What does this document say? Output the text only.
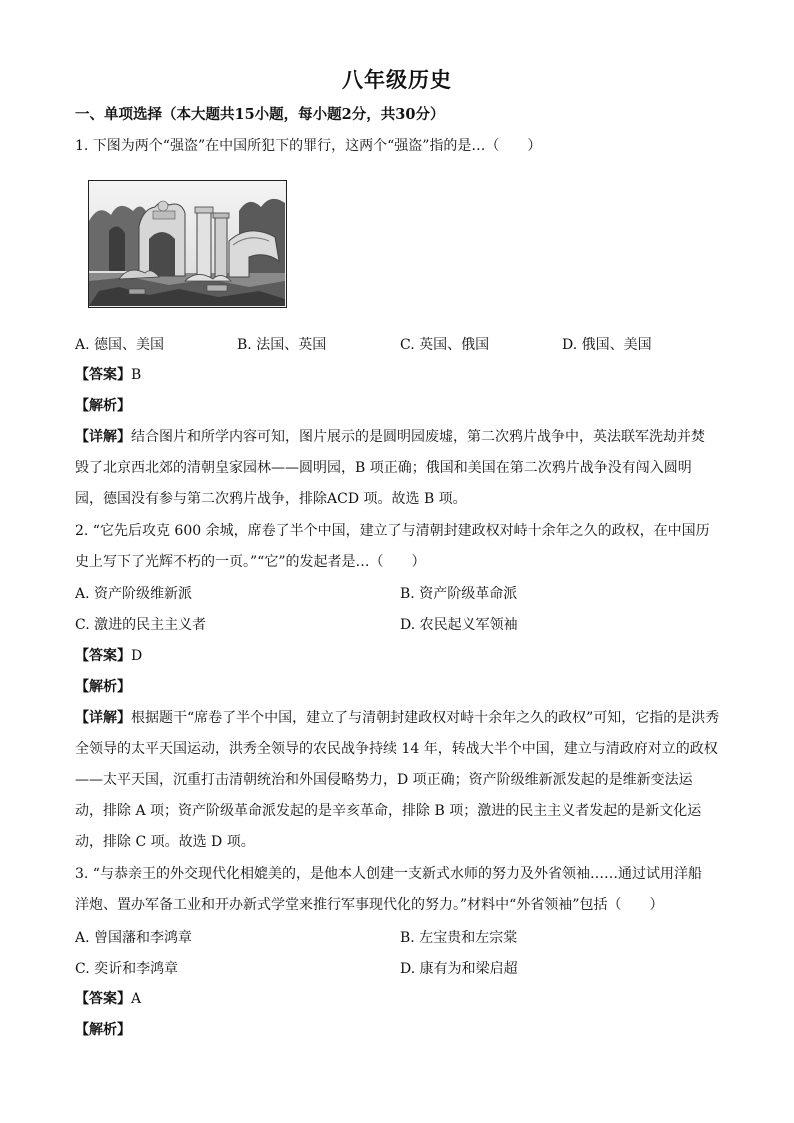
八年级历史
一、单项选择（本大题共15小题，每小题2分，共30分）
1. 下图为两个“强盗”在中国所犯下的罪行，这两个“强盗”指的是…（　　）
A. 德国、美国	B. 法国、英国	C. 英国、俄国	D. 俄国、美国
【答案】B
【解析】
【详解】结合图片和所学内容可知，图片展示的是圆明园废墟，第二次鸦片战争中，英法联军洗劫并焚
毁了北京西北郊的清朝皇家园林——圆明园，B 项正确；俄国和美国在第二次鸦片战争没有闯入圆明
园，德国没有参与第二次鸦片战争，排除ACD 项。故选 B 项。
2. “它先后攻克 600 余城，席卷了半个中国，建立了与清朝封建政权对峙十余年之久的政权，在中国历
史上写下了光辉不朽的一页。”“它”的发起者是…（　　）
A. 资产阶级维新派	B. 资产阶级革命派
C. 激进的民主主义者	D. 农民起义军领袖
【答案】D
【解析】
【详解】根据题干“席卷了半个中国，建立了与清朝封建政权对峙十余年之久的政权”可知，它指的是洪秀
全领导的太平天国运动，洪秀全领导的农民战争持续 14 年，转战大半个中国，建立与清政府对立的政权
——太平天国，沉重打击清朝统治和外国侵略势力，D 项正确；资产阶级维新派发起的是维新变法运
动，排除 A 项；资产阶级革命派发起的是辛亥革命，排除 B 项；激进的民主主义者发起的是新文化运
动，排除 C 项。故选 D 项。
3. “与恭亲王的外交现代化相媲美的，是他本人创建一支新式水师的努力及外省领袖……通过试用洋船
洋炮、置办军备工业和开办新式学堂来推行军事现代化的努力。”材料中“外省领袖”包括（　　）
A. 曾国藩和李鸿章	B. 左宝贵和左宗棠
C. 奕䜣和李鸿章	D. 康有为和梁启超
【答案】A
【解析】
